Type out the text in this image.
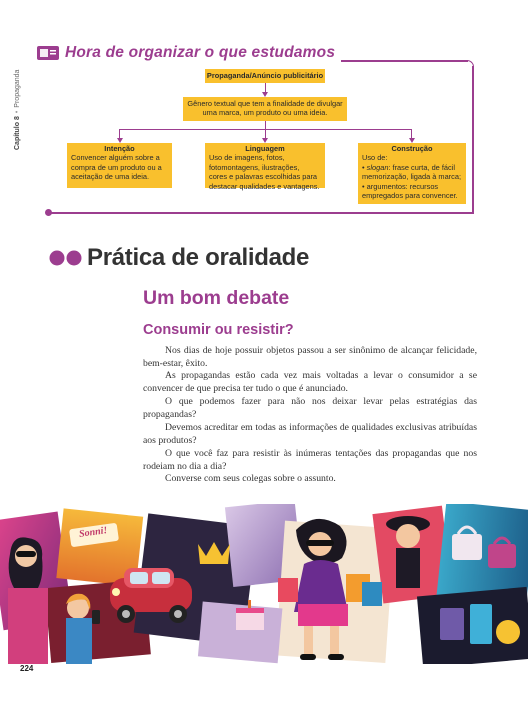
Capítulo 8•Propaganda
Hora de organizar o que estudamos
Propaganda/Anúncio publicitário
Gênero textual que tem a finalidade de divulgar
uma marca, um produto ou uma ideia.
Intenção
Convencer alguém sobre a
compra de um produto ou a
aceitação de uma ideia.
Linguagem
Uso de imagens, fotos,
fotomontagens, ilustrações,
cores e palavras escolhidas para
destacar qualidades e vantagens.
Construção
Uso de:
• slogan: frase curta, de fácil
memorização, ligada à marca;
• argumentos: recursos
empregados para convencer.
Prática de oralidade
Um bom debate
Consumir ou resistir?
Nos dias de hoje possuir objetos passou a ser sinônimo de alcançar felicidade, bem-estar, êxito.
As propagandas estão cada vez mais voltadas a levar o consumidor a se convencer de que precisa ter tudo o que é anunciado.
O que podemos fazer para não nos deixar levar pelas estratégias das propagandas?
Devemos acreditar em todas as informações de qualidades exclusivas atribuídas aos produtos?
O que você faz para resistir às inúmeras tentações das propagandas que nos rodeiam no dia a dia?
Converse com seus colegas sobre o assunto.
Sonni!
224
